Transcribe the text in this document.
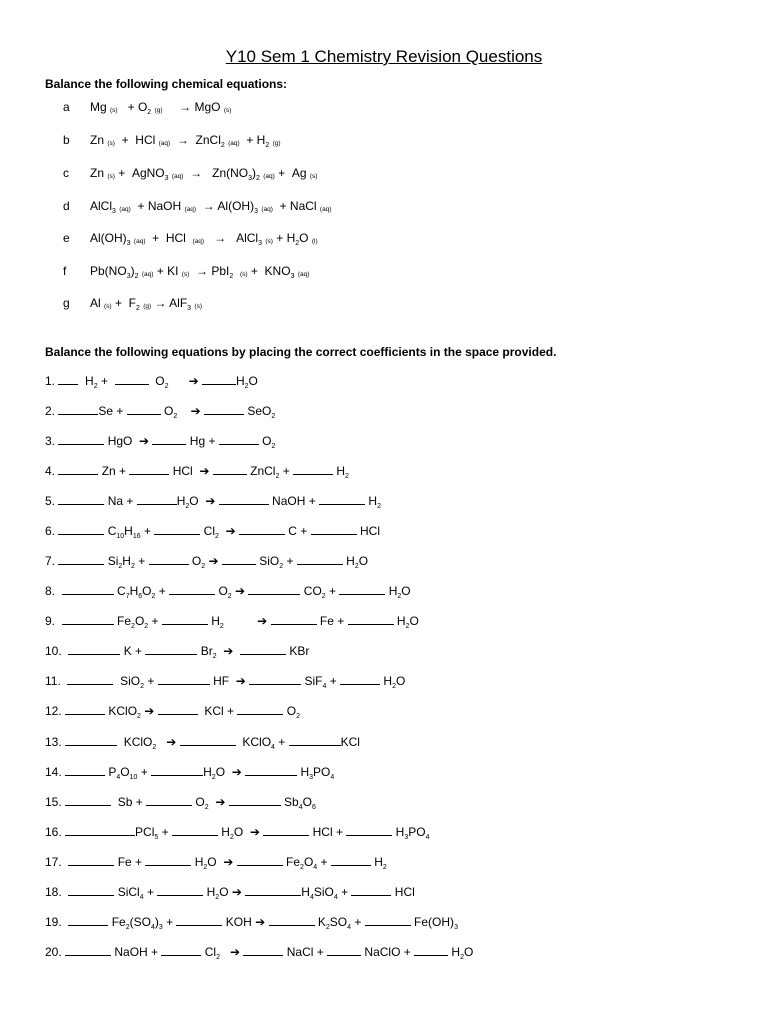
Y10 Sem 1 Chemistry Revision Questions
Balance the following chemical equations:
a Mg $(s) + O_2$ (g)     → MgO (s)
b Zn (s)  +  HCl (aq)  →  ZnCl$_2$ $(aq) + H_2$ (g)
c Zn (s) +  AgNO$_3$ $(aq) \to Zn(NO_3)_2$ (aq) +  Ag (s)
d AlCl$_3$ (aq)  + NaOH $(aq) \to Al(OH)_3$ (aq)  + NaCl (aq)
e $Al(OH)_3$ (aq)  +  HCl  (aq)   →   AlCl$_3$ $(s) + H_2O$ (l)
f $Pb(NO_3)_2$ (aq) + KI (s)  → PbI$_2$ $(s) + KNO_3$ (aq)
g Al $(s) + F_2$ (g) → AlF$_3$ (s)
Balance the following equations by placing the correct coefficients in the space provided.
1.   $H_2$ +	$O_2$ ➔	$H_2O$
2.	Se +	$O_2$ ➔	SeO$_2$
3.	HgO  ➔	Hg +	$O_2$
4.	Zn +	HCl  ➔	ZnCl$_2$ +	$H_2$
5.	Na +	$H_2O$  ➔	NaOH +	$H_2$
6.	$C_{10}H_{16}$ +	$Cl_2$ ➔	C +	HCl
7.	$Si_2H_2$ +	$O_2$ ➔	SiO$_2$ +	$H_2O$
8.	$C_7H_6O_2$ +	$O_2$ ➔	$CO_2$ +	$H_2O$
9.	$Fe_2O_2$ +	$H_2$	➔	Fe +	$H_2O$
10.	K +	$Br_2$ ➔	KBr
11.	SiO$_2$ +	HF  ➔	SiF$_4$ +	$H_2O$
12.	KClO$_2$ ➔	KCl +	$O_2$
13.	KClO$_2$ ➔	KClO$_4$ +	KCl
14.	$P_4O_{10}$ +	$H_2O$  ➔	$H_3PO_4$
15.	Sb +	$O_2$ ➔	$Sb_4O_6$
16.	PCl$_5$ +	$H_2O$  ➔	HCl +	$H_3PO_4$
17.	Fe +	$H_2O$  ➔	$Fe_2O_4$ +	$H_2$
18.	SiCl$_4$ +	$H_2O$ ➔	$H_4SiO_4$ +	HCl
19.	$Fe_2(SO_4)_3$ +	KOH ➔	$K_2SO_4$ +	$Fe(OH)_3$
20.	NaOH +	$Cl_2$ ➔	NaCl +	NaClO +	$H_2O$
